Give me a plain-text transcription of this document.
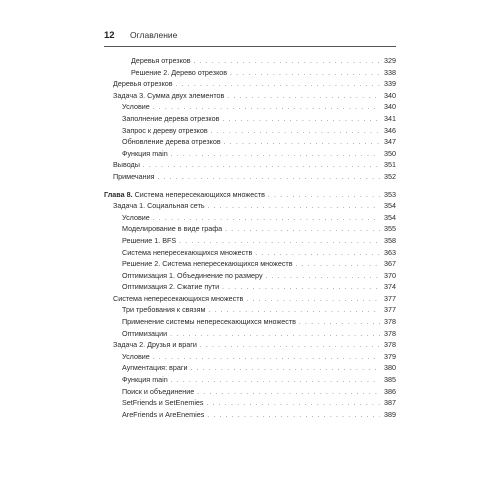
12	Оглавление
Деревья отрезков . . .	329
Решение 2. Дерево отрезков . . .	338
Деревья отрезков . . .	339
Задача 3. Сумма двух элементов . . .	340
Условие . . .	340
Заполнение дерева отрезков . . .	341
Запрос к дереву отрезков . . .	346
Обновление дерева отрезков . . .	347
Функция main . . .	350
Выводы . . .	351
Примечания . . .	352
Глава 8. Система непересекающихся множеств . . .	353
Задача 1. Социальная сеть . . .	354
Условие . . .	354
Моделирование в виде графа . . .	355
Решение 1. BFS . . .	358
Система непересекающихся множеств . . .	363
Решение 2. Система непересекающихся множеств . . .	367
Оптимизация 1. Объединение по размеру . . .	370
Оптимизация 2. Сжатие пути . . .	374
Система непересекающихся множеств . . .	377
Три требования к связям . . .	377
Применение системы непересекающихся множеств . . .	378
Оптимизации . . .	378
Задача 2. Друзья и враги . . .	378
Условие . . .	379
Аугментация: враги . . .	380
Функция main . . .	385
Поиск и объединение . . .	386
SetFriends и SetEnemies . . .	387
AreFriends и AreEnemies . . .	389
